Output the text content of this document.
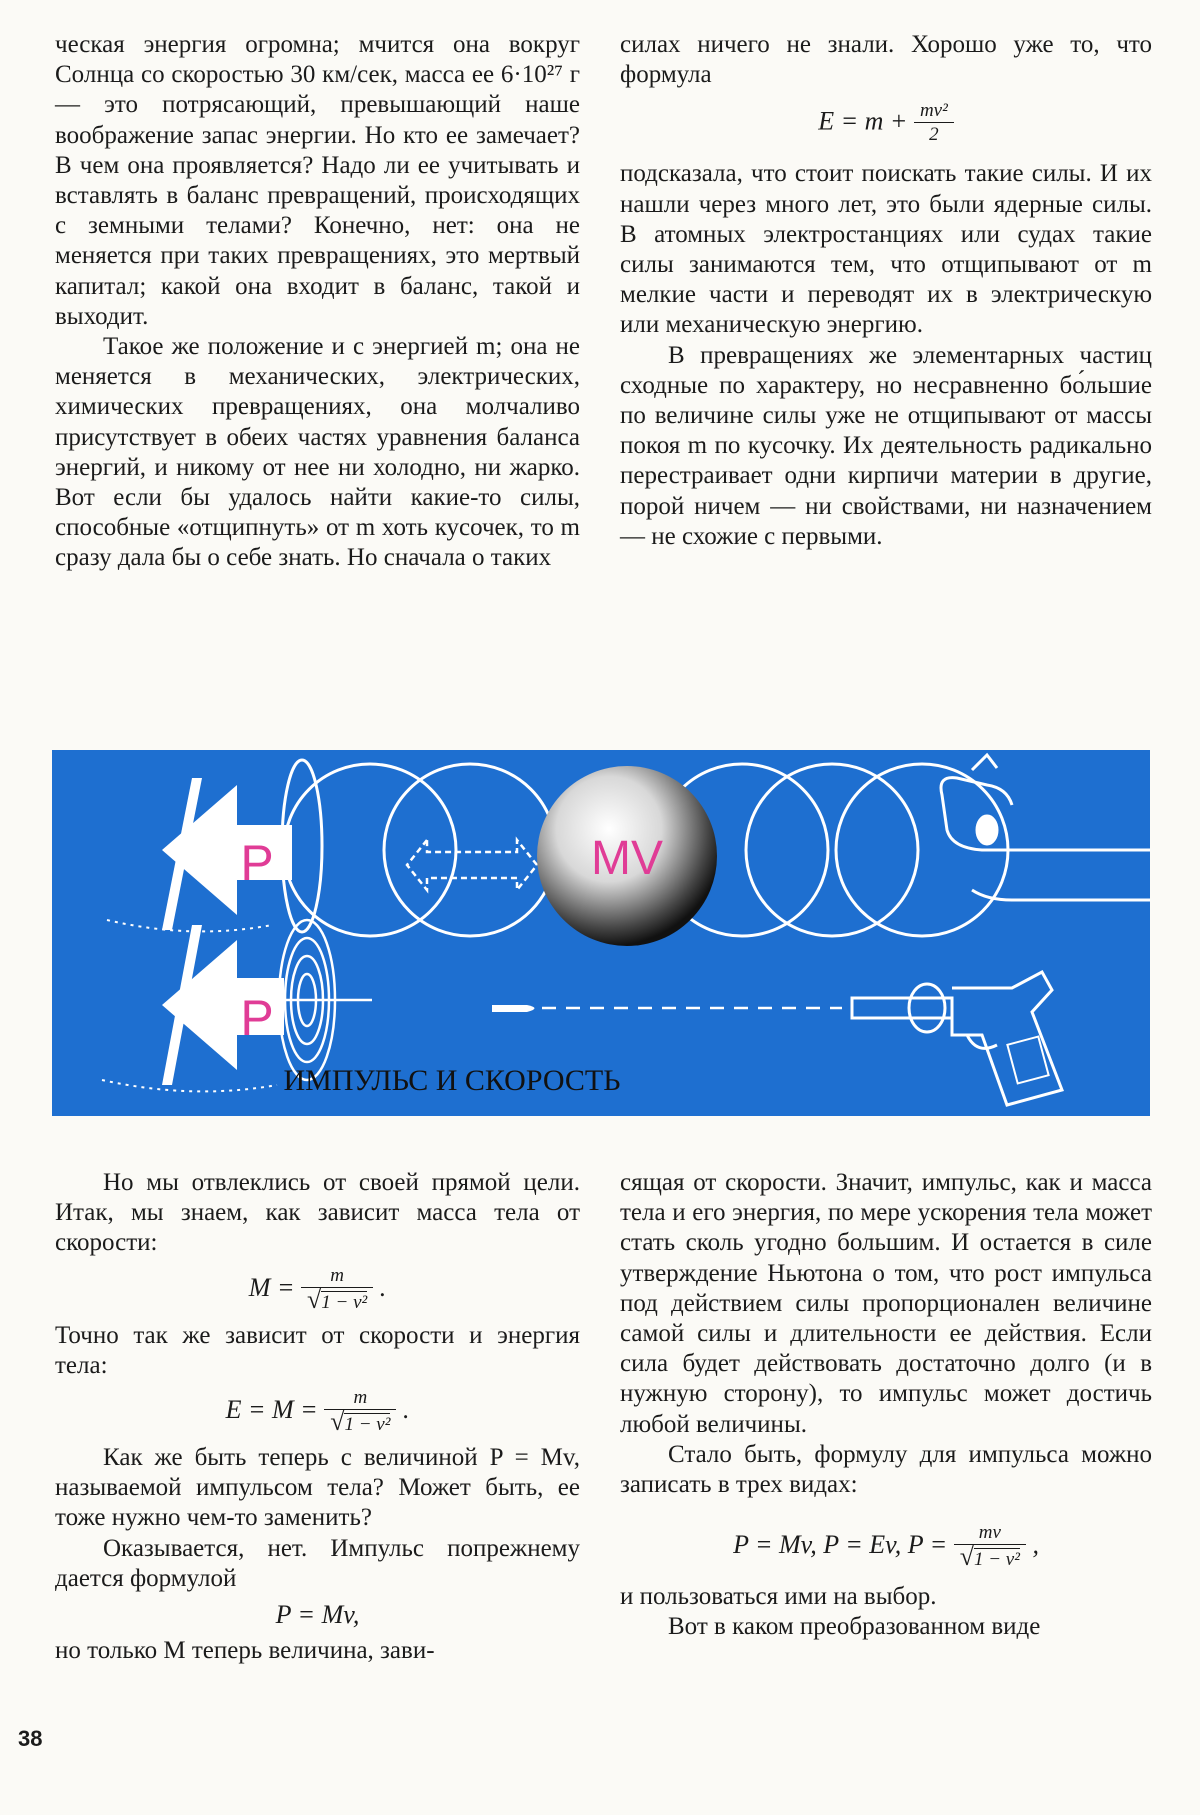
ческая энергия огромна; мчится она вокруг Солнца со скоростью 30 км/сек, масса ее 6·10²⁷ г — это потрясающий, превышающий наше воображение запас энергии. Но кто ее замечает? В чем она проявляется? Надо ли ее учитывать и вставлять в баланс превращений, происходящих с земными телами? Конечно, нет: она не меняется при таких превращениях, это мертвый капитал; какой она входит в баланс, такой и выходит.

Такое же положение и с энергией m; она не меняется в механических, электрических, химических превращениях, она молчаливо присутствует в обеих частях уравнения баланса энергий, и никому от нее ни холодно, ни жарко. Вот если бы удалось найти какие-то силы, способные «отщипнуть» от m хоть кусочек, то m сразу дала бы о себе знать. Но сначала о таких

силах ничего не знали. Хорошо уже то, что формула

$E = m + \frac{\text{mv²}}{2}$

подсказала, что стоит поискать такие силы. И их нашли через много лет, это были ядерные силы. В атомных электростанциях или судах такие силы занимаются тем, что отщипывают от m мелкие части и переводят их в электрическую или механическую энергию.

В превращениях же элементарных частиц сходные по характеру, но несравненно бо́льшие по величине силы уже не отщипывают от массы покоя m по кусочку. Их деятельность радикально перестраивает одни кирпичи материи в другие, порой ничем — ни свойствами, ни назначением — не схожие с первыми.

MV
P
P
ИМПУЛЬС И СКОРОСТЬ

Но мы отвлеклись от своей прямой цели. Итак, мы знаем, как зависит масса тела от скорости:

$M = \frac{m}{\text{√1 − v²}}$ .

Точно так же зависит от скорости и энергия тела:

$E = M = \frac{m}{\text{√1 − v²}}$ .

Как же быть теперь с величиной P = Mv, называемой импульсом тела? Может быть, ее тоже нужно чем-то заменить?

Оказывается, нет. Импульс попрежнему дается формулой

P = Mv,

но только M теперь величина, зави-

сящая от скорости. Значит, импульс, как и масса тела и его энергия, по мере ускорения тела может стать сколь угодно большим. И остается в силе утверждение Ньютона о том, что рост импульса под действием силы пропорционален величине самой силы и длительности ее действия. Если сила будет действовать достаточно долго (и в нужную сторону), то импульс может достичь любой величины.

Стало быть, формулу для импульса можно записать в трех видах:

P = Mv, P = Ev, $P = \frac{mv}{\text{√1 − v²}}$ ,

и пользоваться ими на выбор.

Вот в каком преобразованном виде

38
